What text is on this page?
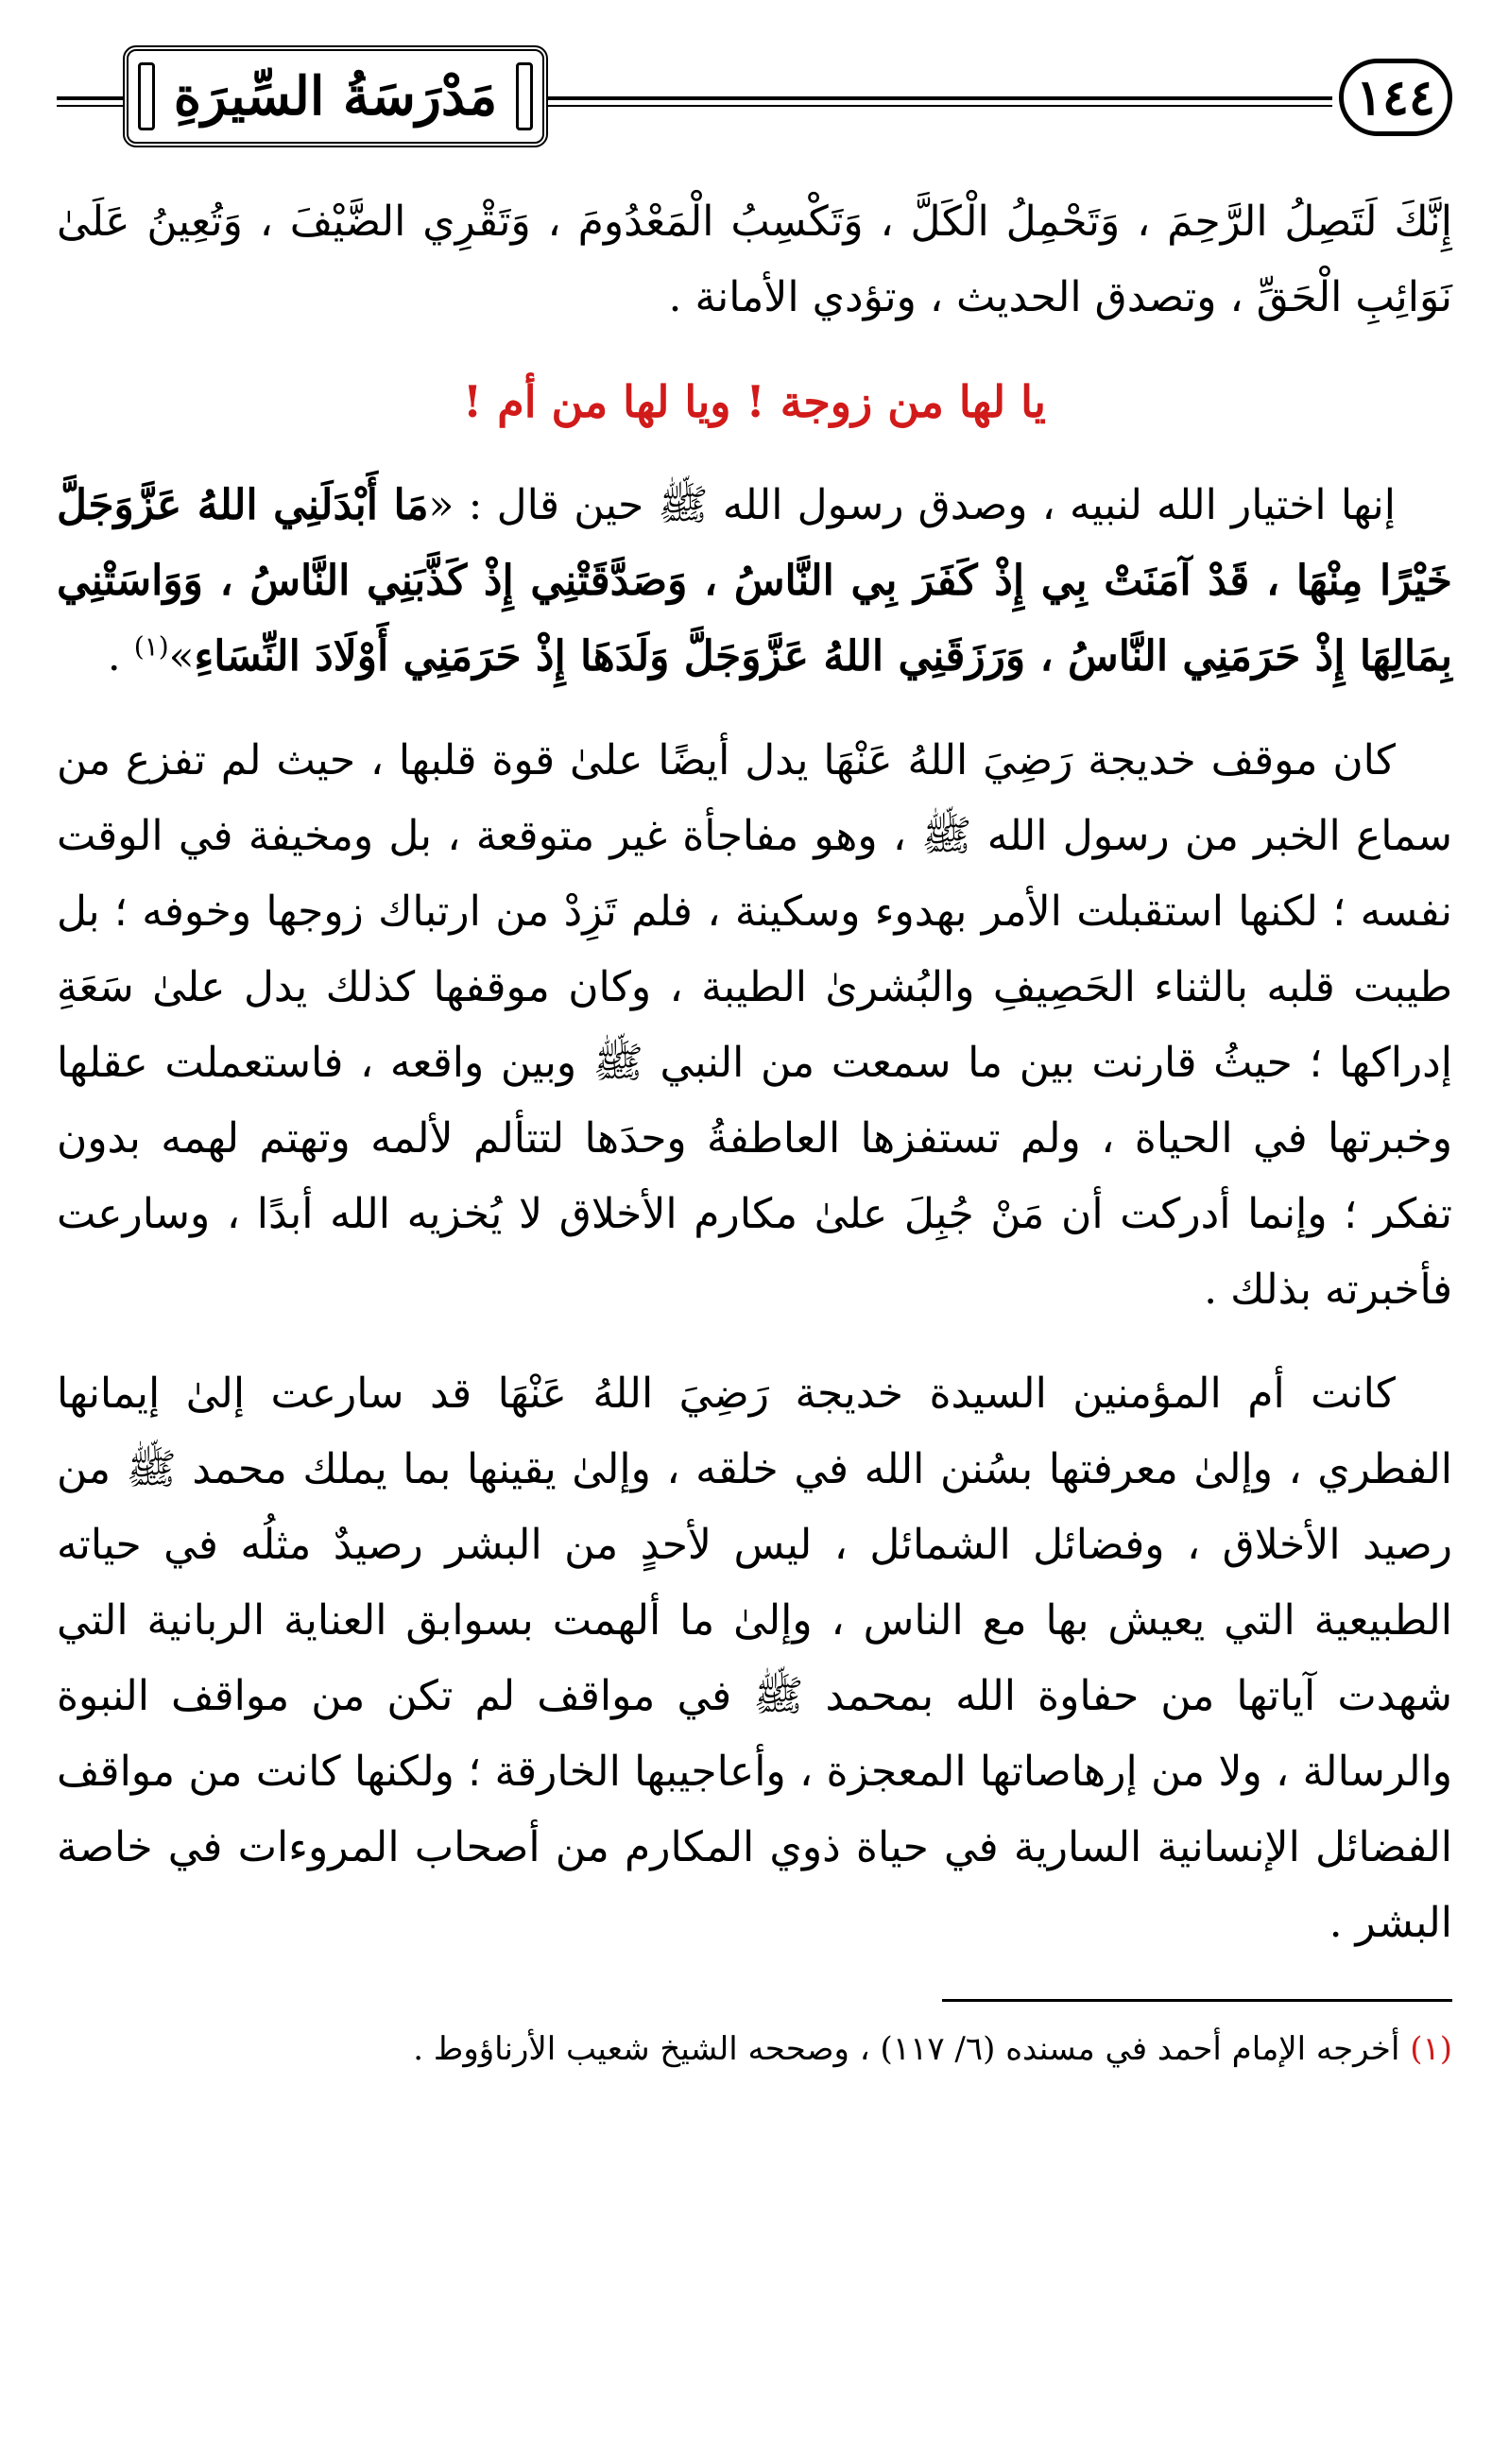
مَدْرَسَةُ السِّيرَةِ	١٤٤

إِنَّكَ لَتَصِلُ الرَّحِمَ ، وَتَحْمِلُ الْكَلَّ ، وَتَكْسِبُ الْمَعْدُومَ ، وَتَقْرِي الضَّيْفَ ، وَتُعِينُ عَلَىٰ نَوَائِبِ الْحَقِّ ، وتصدق الحديث ، وتؤدي الأمانة .

يا لها من زوجة ! ويا لها من أم !

إنها اختيار الله لنبيه ، وصدق رسول الله ﷺ حين قال : «مَا أَبْدَلَنِي اللهُ عَزَّوَجَلَّ خَيْرًا مِنْهَا ، قَدْ آمَنَتْ بِي إِذْ كَفَرَ بِي النَّاسُ ، وَصَدَّقَتْنِي إِذْ كَذَّبَنِي النَّاسُ ، وَوَاسَتْنِي بِمَالِهَا إِذْ حَرَمَنِي النَّاسُ ، وَرَزَقَنِي اللهُ عَزَّوَجَلَّ وَلَدَهَا إِذْ حَرَمَنِي أَوْلَادَ النِّسَاءِ»$^{(١)}$ .

كان موقف خديجة رَضِيَ اللهُ عَنْهَا يدل أيضًا علىٰ قوة قلبها ، حيث لم تفزع من سماع الخبر من رسول الله ﷺ ، وهو مفاجأة غير متوقعة ، بل ومخيفة في الوقت نفسه ؛ لكنها استقبلت الأمر بهدوء وسكينة ، فلم تَزِدْ من ارتباك زوجها وخوفه ؛ بل طيبت قلبه بالثناء الحَصِيفِ والبُشرىٰ الطيبة ، وكان موقفها كذلك يدل علىٰ سَعَةِ إدراكها ؛ حيثُ قارنت بين ما سمعت من النبي ﷺ وبين واقعه ، فاستعملت عقلها وخبرتها في الحياة ، ولم تستفزها العاطفةُ وحدَها لتتألم لألمه وتهتم لهمه بدون تفكر ؛ وإنما أدركت أن مَنْ جُبِلَ علىٰ مكارم الأخلاق لا يُخزيه الله أبدًا ، وسارعت فأخبرته بذلك .

كانت أم المؤمنين السيدة خديجة رَضِيَ اللهُ عَنْهَا قد سارعت إلىٰ إيمانها الفطري ، وإلىٰ معرفتها بسُنن الله في خلقه ، وإلىٰ يقينها بما يملك محمد ﷺ من رصيد الأخلاق ، وفضائل الشمائل ، ليس لأحدٍ من البشر رصيدٌ مثلُه في حياته الطبيعية التي يعيش بها مع الناس ، وإلىٰ ما ألهمت بسوابق العناية الربانية التي شهدت آياتها من حفاوة الله بمحمد ﷺ في مواقف لم تكن من مواقف النبوة والرسالة ، ولا من إرهاصاتها المعجزة ، وأعاجيبها الخارقة ؛ ولكنها كانت من مواقف الفضائل الإنسانية السارية في حياة ذوي المكارم من أصحاب المروءات في خاصة البشر .

(١) أخرجه الإمام أحمد في مسنده (٦/ ١١٧) ، وصححه الشيخ شعيب الأرناؤوط .
